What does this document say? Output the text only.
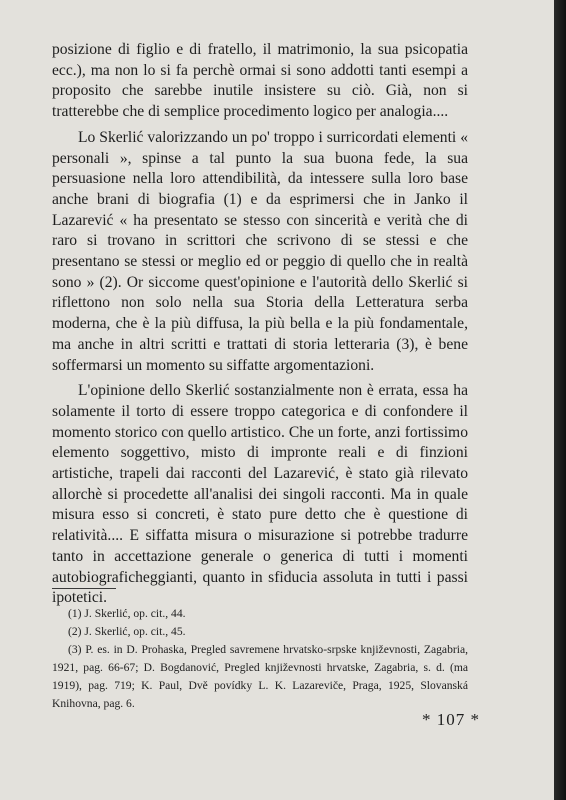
posizione di figlio e di fratello, il matrimonio, la sua psicopatia ecc.), ma non lo si fa perchè ormai si sono addotti tanti esempi a proposito che sarebbe inutile insistere su ciò. Già, non si tratterebbe che di semplice procedimento logico per analogia....

Lo Skerlić valorizzando un po' troppo i surricordati elementi « personali », spinse a tal punto la sua buona fede, la sua persuasione nella loro attendibilità, da intessere sulla loro base anche brani di biografia (1) e da esprimersi che in Janko il Lazarević « ha presentato se stesso con sincerità e verità che di raro si trovano in scrittori che scrivono di se stessi e che presentano se stessi or meglio ed or peggio di quello che in realtà sono » (2). Or siccome quest'opinione e l'autorità dello Skerlić si riflettono non solo nella sua Storia della Letteratura serba moderna, che è la più diffusa, la più bella e la più fondamentale, ma anche in altri scritti e trattati di storia letteraria (3), è bene soffermarsi un momento su siffatte argomentazioni.

L'opinione dello Skerlić sostanzialmente non è errata, essa ha solamente il torto di essere troppo categorica e di confondere il momento storico con quello artistico. Che un forte, anzi fortissimo elemento soggettivo, misto di impronte reali e di finzioni artistiche, trapeli dai racconti del Lazarević, è stato già rilevato allorchè si procedette all'analisi dei singoli racconti. Ma in quale misura esso si concreti, è stato pure detto che è questione di relatività.... E siffatta misura o misurazione si potrebbe tradurre tanto in accettazione generale o generica di tutti i momenti autobiograficheggianti, quanto in sfiducia assoluta in tutti i passi ipotetici.

(1) J. Skerlić, op. cit., 44.

(2) J. Skerlić, op. cit., 45.

(3) P. es. in D. Prohaska, Pregled savremene hrvatsko-srpske književnosti, Zagabria, 1921, pag. 66-67; D. Bogdanović, Pregled književnosti hrvatske, Zagabria, s. d. (ma 1919), pag. 719; K. Paul, Dvě povídky L. K. Lazareviče, Praga, 1925, Slovanská Knihovna, pag. 6.

* 107 *
